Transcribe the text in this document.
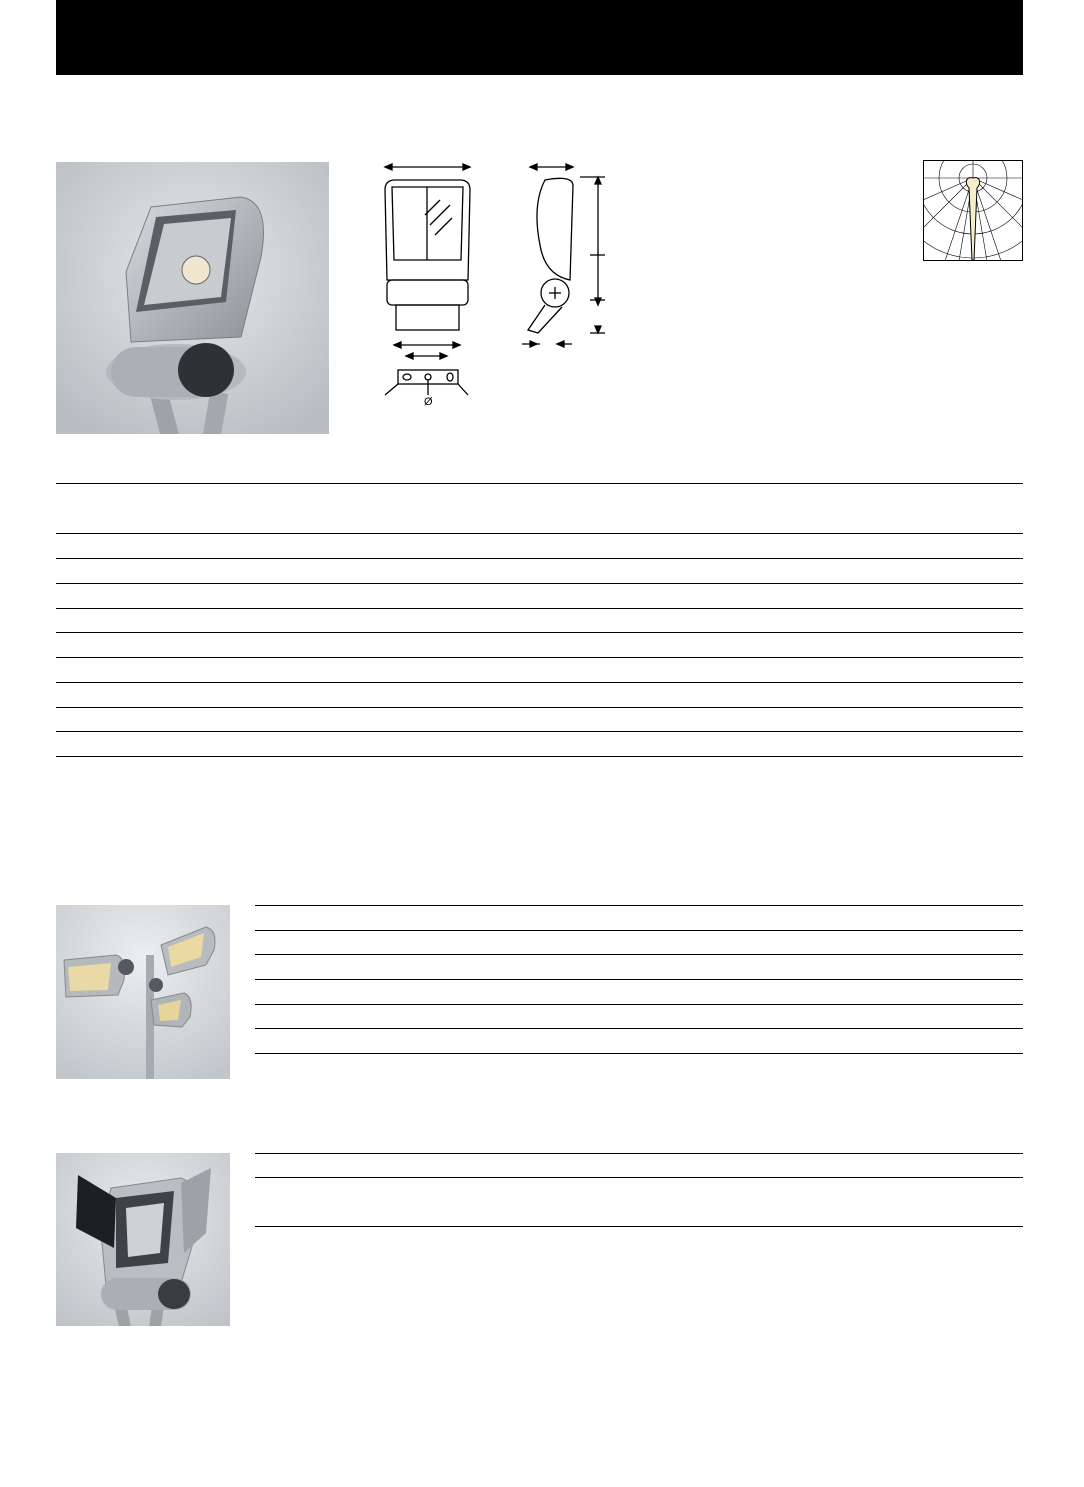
Ø
